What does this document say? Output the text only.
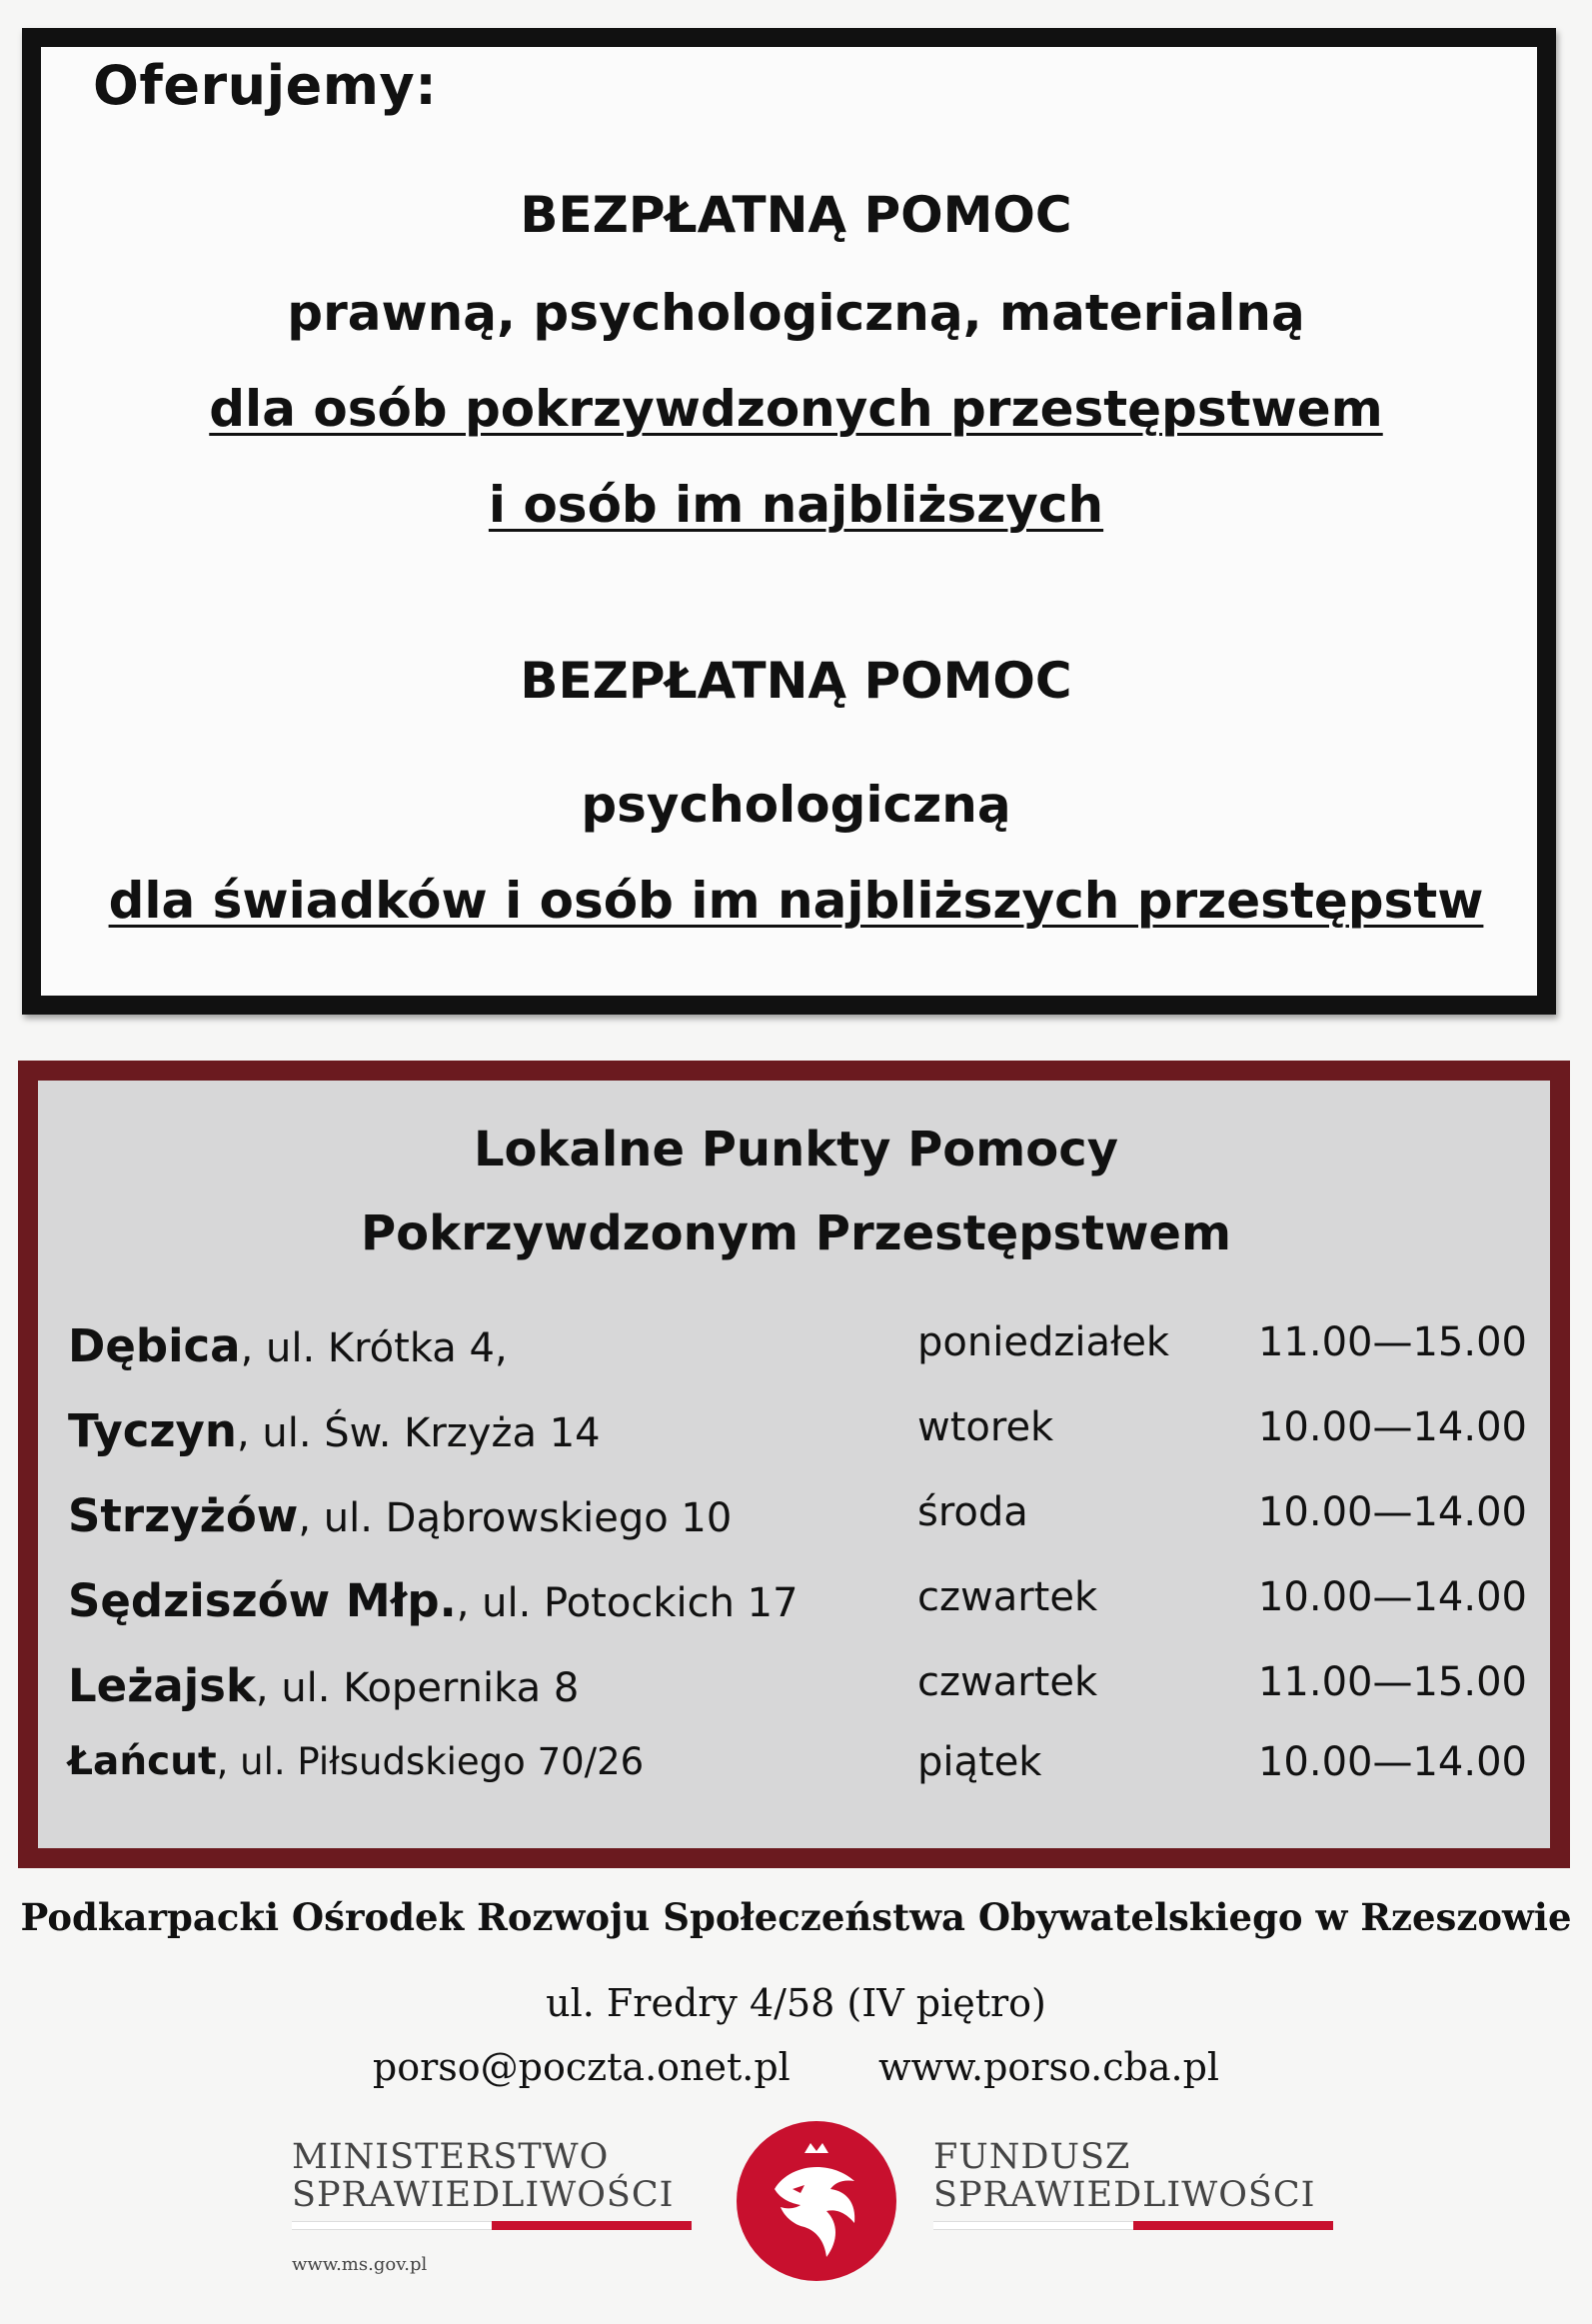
Oferujemy:
BEZPŁATNĄ POMOC
prawną, psychologiczną, materialną
dla osób pokrzywdzonych przestępstwem
i osób im najbliższych
BEZPŁATNĄ POMOC
psychologiczną
dla świadków i osób im najbliższych przestępstw
Lokalne Punkty Pomocy
Pokrzywdzonym Przestępstwem
Dębica, ul. Krótka 4,	poniedziałek 11.00—15.00
Tyczyn, ul. Św. Krzyża 14	wtorek	10.00—14.00
Strzyżów, ul. Dąbrowskiego 10	środa	10.00—14.00
Sędziszów Młp., ul. Potockich 17	czwartek	10.00—14.00
Leżajsk, ul. Kopernika 8	czwartek	11.00—15.00
Łańcut, ul. Piłsudskiego 70/26	piątek	10.00—14.00
Podkarpacki Ośrodek Rozwoju Społeczeństwa Obywatelskiego w Rzeszowie
ul. Fredry 4/58 (IV piętro)
porso@poczta.onet.pl www.porso.cba.pl
MINISTERSTWO
SPRAWIEDLIWOŚCI
www.ms.gov.pl
FUNDUSZ
SPRAWIEDLIWOŚCI
